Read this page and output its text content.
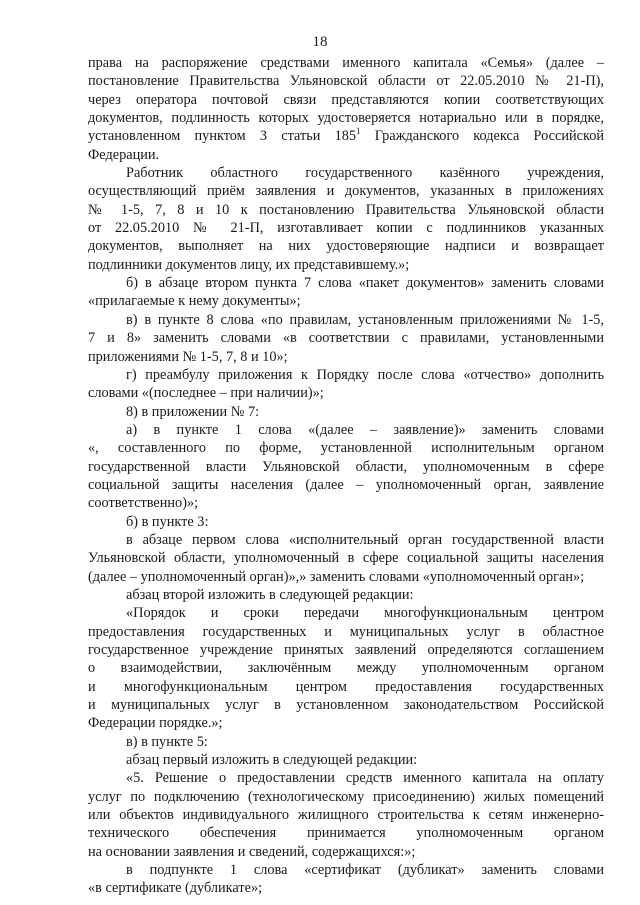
18
права на распоряжение средствами именного капитала «Семья» (далее –
постановление Правительства Ульяновской области от 22.05.2010 № 21-П),
через оператора почтовой связи представляются копии соответствующих
документов, подлинность которых удостоверяется нотариально или в порядке,
установленном пунктом 3 статьи $185^1$ Гражданского кодекса Российской
Федерации.
Работник областного государственного казённого учреждения,
осуществляющий приём заявления и документов, указанных в приложениях
№ 1-5, 7, 8 и 10 к постановлению Правительства Ульяновской области
от 22.05.2010 № 21-П, изготавливает копии с подлинников указанных
документов, выполняет на них удостоверяющие надписи и возвращает
подлинники документов лицу, их представившему.»;
б) в абзаце втором пункта 7 слова «пакет документов» заменить словами
«прилагаемые к нему документы»;
в) в пункте 8 слова «по правилам, установленным приложениями № 1-5,
7 и 8» заменить словами «в соответствии с правилами, установленными
приложениями № 1-5, 7, 8 и 10»;
г) преамбулу приложения к Порядку после слова «отчество» дополнить
словами «(последнее – при наличии)»;
8) в приложении № 7:
а) в пункте 1 слова «(далее – заявление)» заменить словами
«, составленного по форме, установленной исполнительным органом
государственной власти Ульяновской области, уполномоченным в сфере
социальной защиты населения (далее – уполномоченный орган, заявление
соответственно)»;
б) в пункте 3:
в абзаце первом слова «исполнительный орган государственной власти
Ульяновской области, уполномоченный в сфере социальной защиты населения
(далее – уполномоченный орган)»,» заменить словами «уполномоченный орган»;
абзац второй изложить в следующей редакции:
«Порядок и сроки передачи многофункциональным центром
предоставления государственных и муниципальных услуг в областное
государственное учреждение принятых заявлений определяются соглашением
о взаимодействии, заключённым между уполномоченным органом
и многофункциональным центром предоставления государственных
и муниципальных услуг в установленном законодательством Российской
Федерации порядке.»;
в) в пункте 5:
абзац первый изложить в следующей редакции:
«5. Решение о предоставлении средств именного капитала на оплату
услуг по подключению (технологическому присоединению) жилых помещений
или объектов индивидуального жилищного строительства к сетям инженерно-
технического обеспечения принимается уполномоченным органом
на основании заявления и сведений, содержащихся:»;
в подпункте 1 слова «сертификат (дубликат» заменить словами
«в сертификате (дубликате»;
